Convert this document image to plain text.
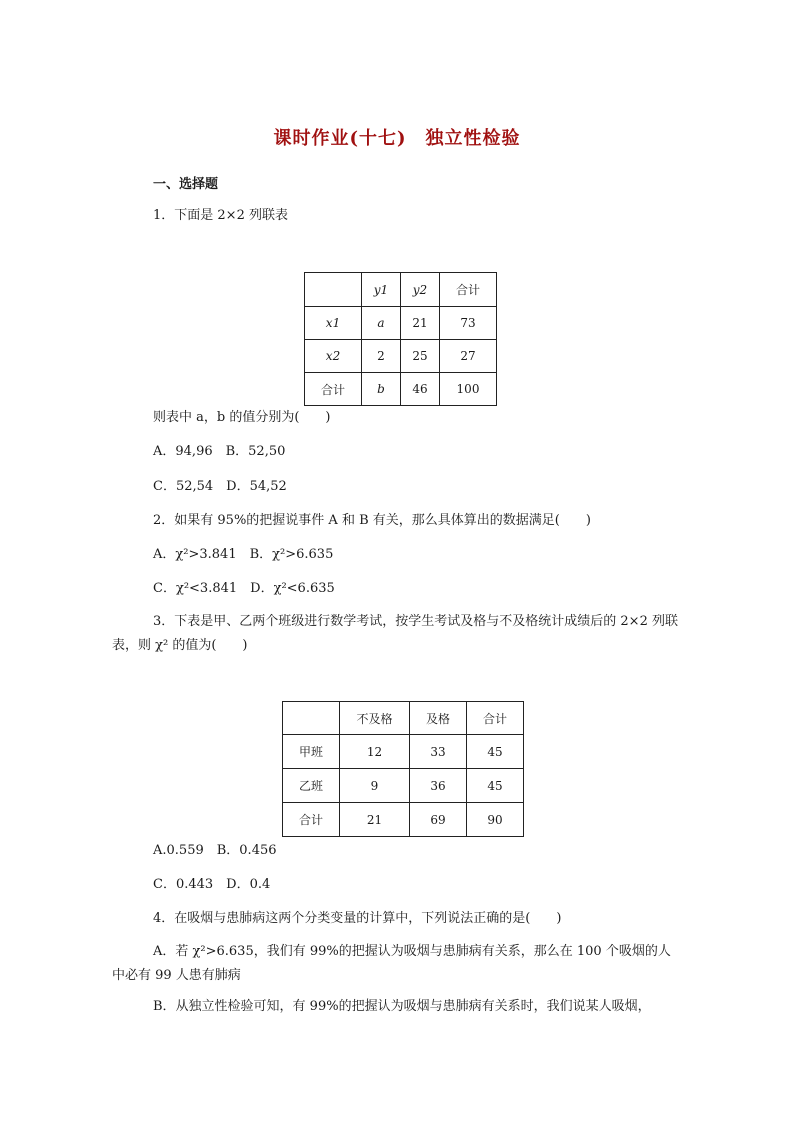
课时作业(十七)　独立性检验
一、选择题
1．下面是 2×2 列联表
	y1	y2	合计
x1	a	21	73
x2	2	25	27
合计	b	46	100
则表中 a，b 的值分别为(　　)
A．94,96　B．52,50
C．52,54　D．54,52
2．如果有 95%的把握说事件 A 和 B 有关，那么具体算出的数据满足(　　)
A．χ²>3.841　B．χ²>6.635
C．χ²<3.841　D．χ²<6.635
3．下表是甲、乙两个班级进行数学考试，按学生考试及格与不及格统计成绩后的 2×2 列联表，则 χ² 的值为(　　)
	不及格	及格	合计
甲班	12	33	45
乙班	9	36	45
合计	21	69	90
A.0.559　B．0.456
C．0.443　D．0.4
4．在吸烟与患肺病这两个分类变量的计算中，下列说法正确的是(　　)
A．若 χ²>6.635，我们有 99%的把握认为吸烟与患肺病有关系，那么在 100 个吸烟的人中必有 99 人患有肺病
B．从独立性检验可知，有 99%的把握认为吸烟与患肺病有关系时，我们说某人吸烟，
